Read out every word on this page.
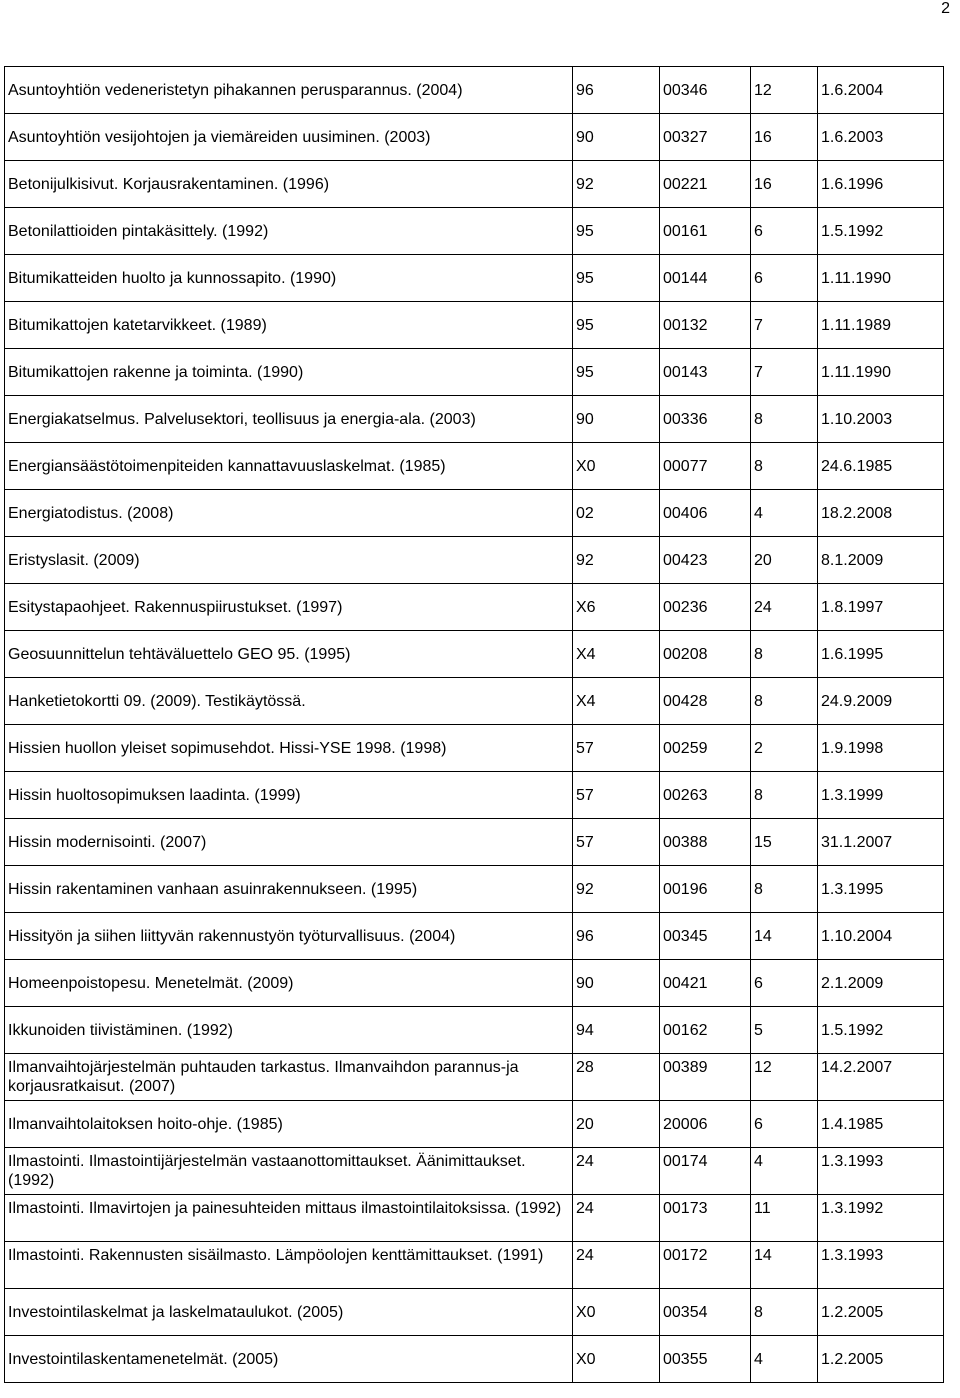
2
Asuntoyhtiön vedeneristetyn pihakannen perusparannus. (2004)	96	00346	12	1.6.2004
Asuntoyhtiön vesijohtojen ja viemäreiden uusiminen. (2003)	90	00327	16	1.6.2003
Betonijulkisivut. Korjausrakentaminen. (1996)	92	00221	16	1.6.1996
Betonilattioiden pintakäsittely. (1992)	95	00161	6	1.5.1992
Bitumikatteiden huolto ja kunnossapito. (1990)	95	00144	6	1.11.1990
Bitumikattojen katetarvikkeet. (1989)	95	00132	7	1.11.1989
Bitumikattojen rakenne ja toiminta. (1990)	95	00143	7	1.11.1990
Energiakatselmus. Palvelusektori, teollisuus ja energia-ala. (2003)	90	00336	8	1.10.2003
Energiansäästötoimenpiteiden kannattavuuslaskelmat. (1985)	X0	00077	8	24.6.1985
Energiatodistus. (2008)	02	00406	4	18.2.2008
Eristyslasit. (2009)	92	00423	20	8.1.2009
Esitystapaohjeet. Rakennuspiirustukset. (1997)	X6	00236	24	1.8.1997
Geosuunnittelun tehtäväluettelo GEO 95. (1995)	X4	00208	8	1.6.1995
Hanketietokortti 09. (2009). Testikäytössä.	X4	00428	8	24.9.2009
Hissien huollon yleiset sopimusehdot. Hissi-YSE 1998. (1998)	57	00259	2	1.9.1998
Hissin huoltosopimuksen laadinta. (1999)	57	00263	8	1.3.1999
Hissin modernisointi. (2007)	57	00388	15	31.1.2007
Hissin rakentaminen vanhaan asuinrakennukseen. (1995)	92	00196	8	1.3.1995
Hissityön ja siihen liittyvän rakennustyön työturvallisuus. (2004)	96	00345	14	1.10.2004
Homeenpoistopesu. Menetelmät. (2009)	90	00421	6	2.1.2009
Ikkunoiden tiivistäminen. (1992)	94	00162	5	1.5.1992
Ilmanvaihtojärjestelmän puhtauden tarkastus. Ilmanvaihdon parannus-ja korjausratkaisut. (2007)	28	00389	12	14.2.2007
Ilmanvaihtolaitoksen hoito-ohje. (1985)	20	20006	6	1.4.1985
Ilmastointi. Ilmastointijärjestelmän vastaanottomittaukset. Äänimittaukset. (1992)	24	00174	4	1.3.1993
Ilmastointi. Ilmavirtojen ja painesuhteiden mittaus ilmastointilaitoksissa. (1992)	24	00173	11	1.3.1992
Ilmastointi. Rakennusten sisäilmasto. Lämpöolojen kenttämittaukset. (1991)	24	00172	14	1.3.1993
Investointilaskelmat ja laskelmataulukot. (2005)	X0	00354	8	1.2.2005
Investointilaskentamenetelmät. (2005)	X0	00355	4	1.2.2005
